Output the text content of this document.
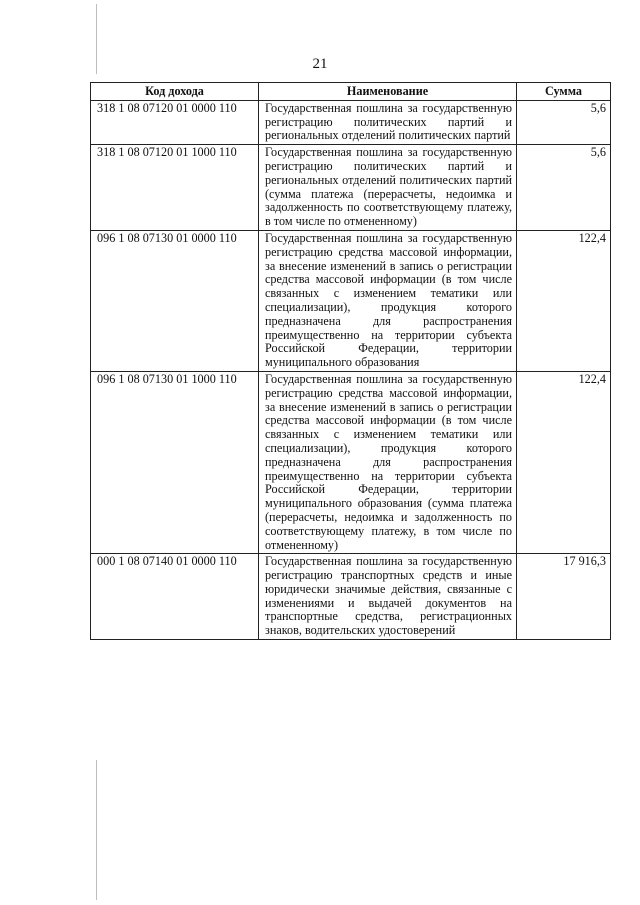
21
Код дохода	Наименование	Сумма
318 1 08 07120 01 0000 110	Государственная пошлина за государственную регистрацию политических партий и региональных отделений политических партий	5,6
318 1 08 07120 01 1000 110	Государственная пошлина за государственную регистрацию политических партий и региональных отделений политических партий (сумма платежа (перерасчеты, недоимка и задолженность по соответствующему платежу, в том числе по отмененному)	5,6
096 1 08 07130 01 0000 110	Государственная пошлина за государственную регистрацию средства массовой информации, за внесение изменений в запись о регистрации средства массовой информации (в том числе связанных с изменением тематики или специализации), продукция которого предназначена для распространения преимущественно на территории субъекта Российской Федерации, территории муниципального образования	122,4
096 1 08 07130 01 1000 110	Государственная пошлина за государственную регистрацию средства массовой информации, за внесение изменений в запись о регистрации средства массовой информации (в том числе связанных с изменением тематики или специализации), продукция которого предназначена для распространения преимущественно на территории субъекта Российской Федерации, территории муниципального образования (сумма платежа (перерасчеты, недоимка и задолженность по соответствующему платежу, в том числе по отмененному)	122,4
000 1 08 07140 01 0000 110	Государственная пошлина за государственную регистрацию транспортных средств и иные юридически значимые действия, связанные с изменениями и выдачей документов на транспортные средства, регистрационных знаков, водительских удостоверений	17 916,3
